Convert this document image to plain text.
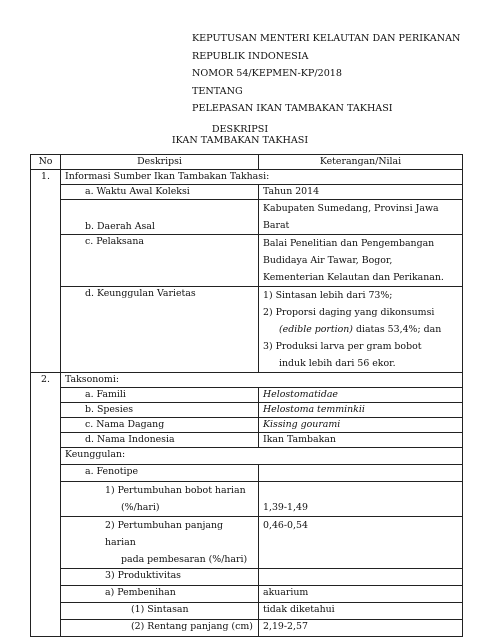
KEPUTUSAN MENTERI KELAUTAN DAN PERIKANAN
REPUBLIK INDONESIA
NOMOR 54/KEPMEN-KP/2018
TENTANG
PELEPASAN IKAN TAMBAKAN TAKHASI
DESKRIPSI
IKAN TAMBAKAN TAKHASI
No	Deskripsi	Keterangan/Nilai
1.	Informasi Sumber Ikan Tambakan Takhasi:	
	a. Waktu Awal Koleksi	Tahun 2014
	b. Daerah Asal	Kabupaten Sumedang, Provinsi Jawa
Barat

	c. Pelaksana	Balai Penelitian dan Pengembangan
Budidaya Air Tawar, Bogor,
Kementerian Kelautan dan Perikanan.

	d. Keunggulan Varietas	1) Sintasan lebih dari 73%;
2) Proporsi daging yang dikonsumsi
(edible portion) diatas 53,4%; dan
3) Produksi larva per gram bobot
induk lebih dari 56 ekor.

2.	Taksonomi:	
	a. Famili	Helostomatidae
	b. Spesies	Helostoma temminkii
	c. Nama Dagang	Kissing gourami
	d. Nama Indonesia	Ikan Tambakan
	Keunggulan:	
	a. Fenotipe	

	1) Pertumbuhan bobot harian
(%/hari)	1,39-1,49

	2) Pertumbuhan panjang harian
pada pembesaran (%/hari)	0,46-0,54
	3) Produktivitas	
	a) Pembenihan	akuarium
	(1) Sintasan	tidak diketahui
	(2) Rentang panjang (cm)	2,19-2,57
